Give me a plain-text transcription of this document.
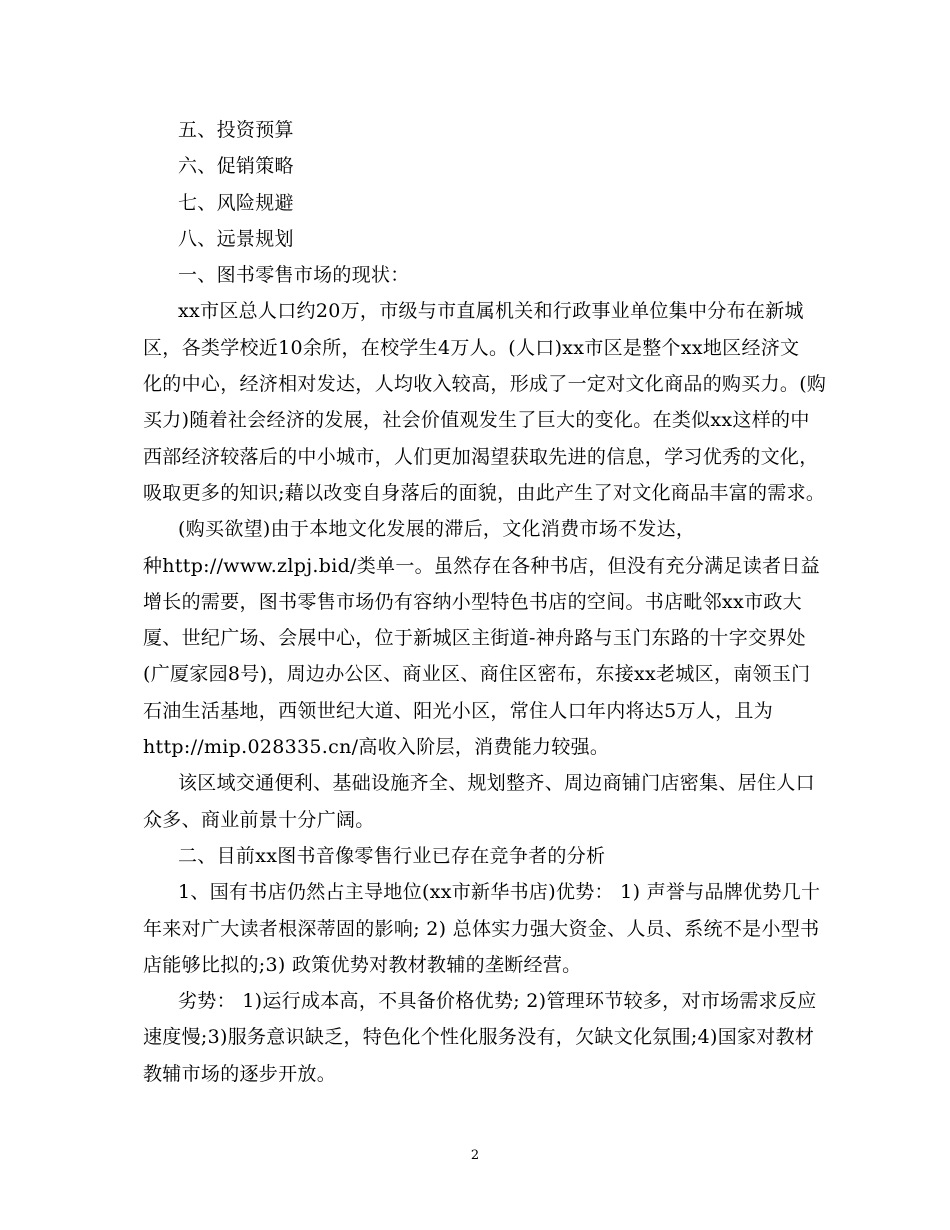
五、投资预算
六、促销策略
七、风险规避
八、远景规划
一、图书零售市场的现状：
xx市区总人口约20万，市级与市直属机关和行政事业单位集中分布在新城
区，各类学校近10余所，在校学生4万人。(人口)xx市区是整个xx地区经济文
化的中心，经济相对发达，人均收入较高，形成了一定对文化商品的购买力。(购
买力)随着社会经济的发展，社会价值观发生了巨大的变化。在类似xx这样的中
西部经济较落后的中小城市，人们更加渴望获取先进的信息，学习优秀的文化，
吸取更多的知识;藉以改变自身落后的面貌，由此产生了对文化商品丰富的需求。
(购买欲望)由于本地文化发展的滞后，文化消费市场不发达，
种http://www.zlpj.bid/类单一。虽然存在各种书店，但没有充分满足读者日益
增长的需要，图书零售市场仍有容纳小型特色书店的空间。书店毗邻xx市政大
厦、世纪广场、会展中心，位于新城区主街道-神舟路与玉门东路的十字交界处
(广厦家园8号)，周边办公区、商业区、商住区密布，东接xx老城区，南领玉门
石油生活基地，西领世纪大道、阳光小区，常住人口年内将达5万人，且为
http://mip.028335.cn/高收入阶层，消费能力较强。
该区域交通便利、基础设施齐全、规划整齐、周边商铺门店密集、居住人口
众多、商业前景十分广阔。
二、目前xx图书音像零售行业已存在竞争者的分析
1、国有书店仍然占主导地位(xx市新华书店)优势： 1) 声誉与品牌优势几十
年来对广大读者根深蒂固的影响; 2) 总体实力强大资金、人员、系统不是小型书
店能够比拟的;3) 政策优势对教材教辅的垄断经营。
劣势： 1)运行成本高，不具备价格优势; 2)管理环节较多，对市场需求反应
速度慢;3)服务意识缺乏，特色化个性化服务没有，欠缺文化氛围;4)国家对教材
教辅市场的逐步开放。
2
